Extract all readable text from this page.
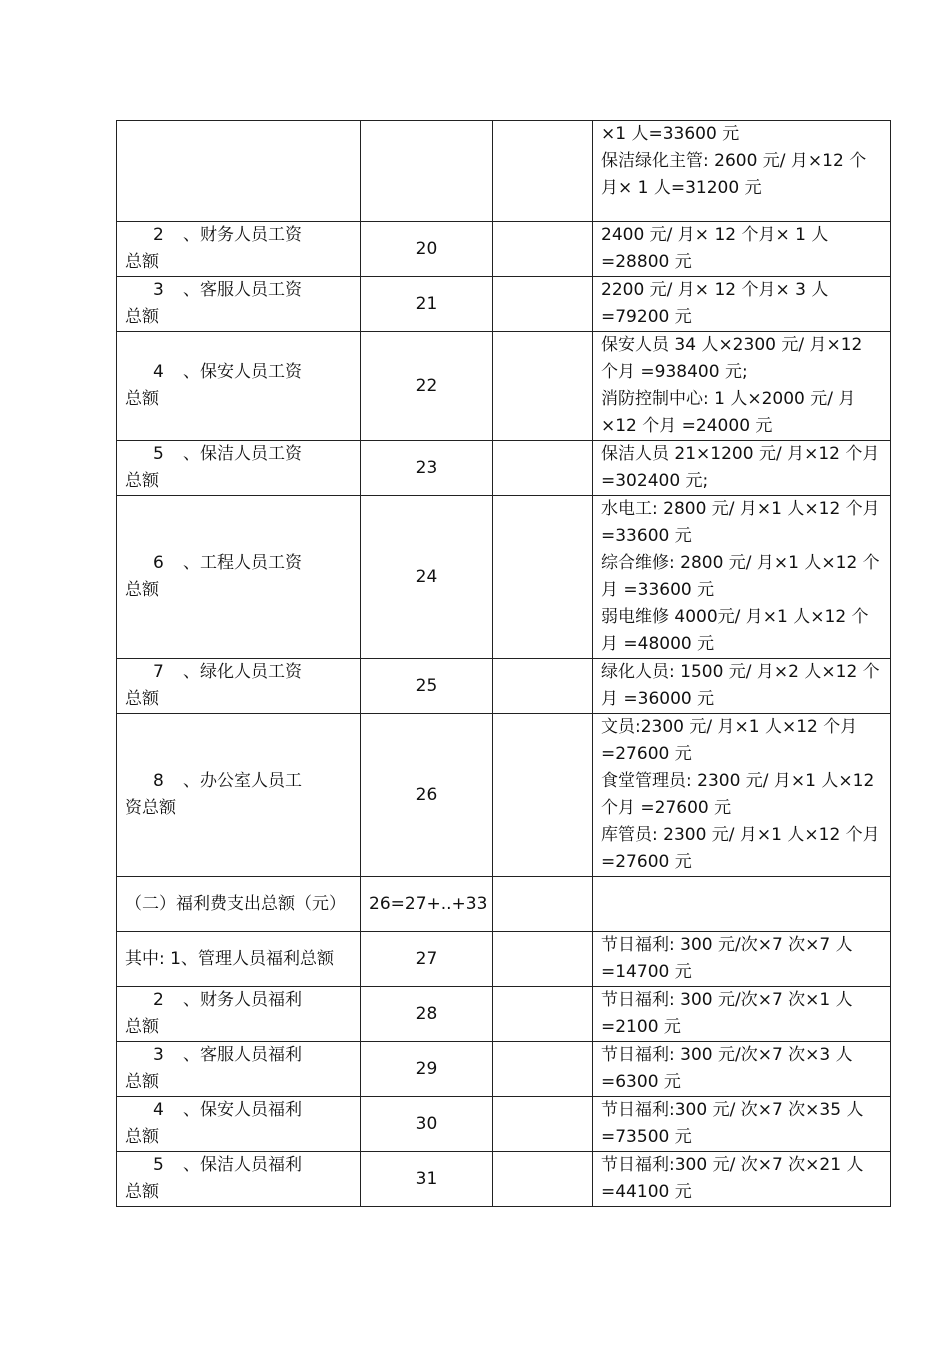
			×1 人=33600 元
保洁绿化主管: 2600 元/ 月×12 个月× 1 人=31200 元
2 、财务人员工资
总额	20		2400 元/ 月× 12 个月× 1 人=28800 元
3 、客服人员工资
总额	21		2200 元/ 月× 12 个月× 3 人=79200 元
4 、保安人员工资
总额	22		保安人员 34 人×2300 元/ 月×12 个月 =938400 元;
消防控制中心: 1 人×2000 元/ 月×12 个月 =24000 元
5 、保洁人员工资
总额	23		保洁人员 21×1200 元/ 月×12 个月 =302400 元;
6 、工程人员工资
总额	24		水电工: 2800 元/ 月×1 人×12 个月 =33600 元
综合维修: 2800 元/ 月×1 人×12 个月 =33600 元
弱电维修 4000元/ 月×1 人×12 个月 =48000 元
7 、绿化人员工资
总额	25		绿化人员: 1500 元/ 月×2 人×12 个月 =36000 元
8 、办公室人员工
资总额	26		文员:2300 元/ 月×1 人×12 个月=27600 元
食堂管理员: 2300 元/ 月×1 人×12 个月 =27600 元
库管员: 2300 元/ 月×1 人×12 个月 =27600 元
（二）福利费支出总额（元）	26=27+..+33		
其中: 1、管理人员福利总额	27		节日福利: 300 元/次×7 次×7 人=14700 元
2 、财务人员福利
总额	28		节日福利: 300 元/次×7 次×1 人=2100 元
3 、客服人员福利
总额	29		节日福利: 300 元/次×7 次×3 人=6300 元
4 、保安人员福利
总额	30		节日福利:300 元/ 次×7 次×35 人=73500 元
5 、保洁人员福利
总额	31		节日福利:300 元/ 次×7 次×21 人=44100 元
